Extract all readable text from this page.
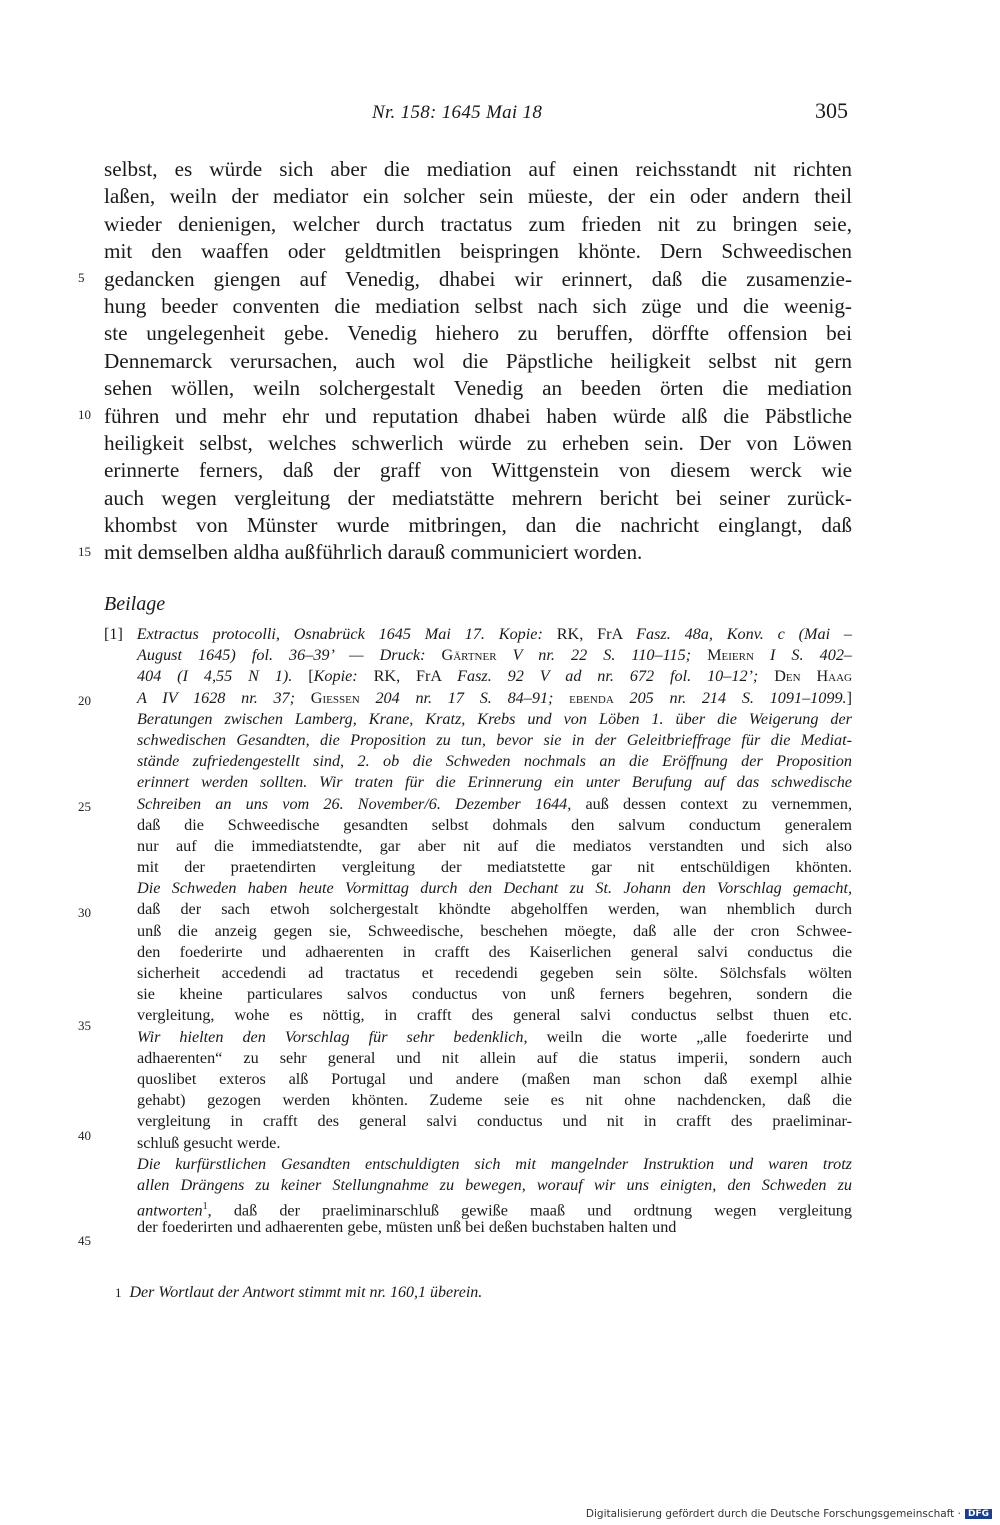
Nr. 158: 1645 Mai 18	305
selbst, es würde sich aber die mediation auf einen reichsstandt nit richten
laßen, weiln der mediator ein solcher sein müeste, der ein oder andern theil
wieder denienigen, welcher durch tractatus zum frieden nit zu bringen seie,
mit den waaffen oder geldtmitlen beispringen khönte. Dern Schweedischen
gedancken giengen auf Venedig, dhabei wir erinnert, daß die zusamenzie-
hung beeder conventen die mediation selbst nach sich züge und die weenig-
ste ungelegenheit gebe. Venedig hiehero zu beruffen, dörffte offension bei
Dennemarck verursachen, auch wol die Päpstliche heiligkeit selbst nit gern
sehen wöllen, weiln solchergestalt Venedig an beeden örten die mediation
führen und mehr ehr und reputation dhabei haben würde alß die Päbstliche
heiligkeit selbst, welches schwerlich würde zu erheben sein. Der von Löwen
erinnerte ferners, daß der graff von Wittgenstein von diesem werck wie
auch wegen vergleitung der mediatstätte mehrern bericht bei seiner zurück-
khombst von Münster wurde mitbringen, dan die nachricht einglangt, daß
mit demselben aldha außführlich darauß communiciert worden.
5
10
15
Beilage
[1] Extractus protocolli, Osnabrück 1645 Mai 17. Kopie: RK, FrA Fasz. 48a, Konv. c (Mai –
August 1645) fol. 36–39’ — Druck: Gärtner V nr. 22 S. 110–115; Meiern I S. 402–
404 (I 4,55 N 1). [Kopie: RK, FrA Fasz. 92 V ad nr. 672 fol. 10–12’; Den Haag
A IV 1628 nr. 37; Giessen 204 nr. 17 S. 84–91; ebenda 205 nr. 214 S. 1091–1099.]
Beratungen zwischen Lamberg, Krane, Kratz, Krebs und von Löben 1. über die Weigerung der
schwedischen Gesandten, die Proposition zu tun, bevor sie in der Geleitbrieffrage für die Mediat-
stände zufriedengestellt sind, 2. ob die Schweden nochmals an die Eröffnung der Proposition
erinnert werden sollten. Wir traten für die Erinnerung ein unter Berufung auf das schwedische
Schreiben an uns vom 26. November/6. Dezember 1644, auß dessen context zu vernemmen,
daß die Schweedische gesandten selbst dohmals den salvum conductum generalem
nur auf die immediatstendte, gar aber nit auf die mediatos verstandten und sich also
mit der praetendirten vergleitung der mediatstette gar nit entschüldigen khönten.
Die Schweden haben heute Vormittag durch den Dechant zu St. Johann den Vorschlag gemacht,
daß der sach etwoh solchergestalt khöndte abgeholffen werden, wan nhemblich durch
unß die anzeig gegen sie, Schweedische, beschehen möegte, daß alle der cron Schwee-
den foederirte und adhaerenten in crafft des Kaiserlichen general salvi conductus die
sicherheit accedendi ad tractatus et recedendi gegeben sein sölte. Sölchsfals wölten
sie kheine particulares salvos conductus von unß ferners begehren, sondern die
vergleitung, wohe es nöttig, in crafft des general salvi conductus selbst thuen etc.
Wir hielten den Vorschlag für sehr bedenklich, weiln die worte „alle foederirte und
adhaerenten“ zu sehr general und nit allein auf die status imperii, sondern auch
quoslibet exteros alß Portugal und andere (maßen man schon daß exempl alhie
gehabt) gezogen werden khönten. Zudeme seie es nit ohne nachdencken, daß die
vergleitung in crafft des general salvi conductus und nit in crafft des praeliminar-
schluß gesucht werde.
Die kurfürstlichen Gesandten entschuldigten sich mit mangelnder Instruktion und waren trotz
allen Drängens zu keiner Stellungnahme zu bewegen, worauf wir uns einigten, den Schweden zu
antworten$^1$, daß der praeliminarschluß gewiße maaß und ordtnung wegen vergleitung
der foederirten und adhaerenten gebe, müsten unß bei deßen buchstaben halten und
20
25
30
35
40
45
1 Der Wortlaut der Antwort stimmt mit nr. 160,1 überein.
Digitalisierung gefördert durch die Deutsche Forschungsgemeinschaft · DFG
